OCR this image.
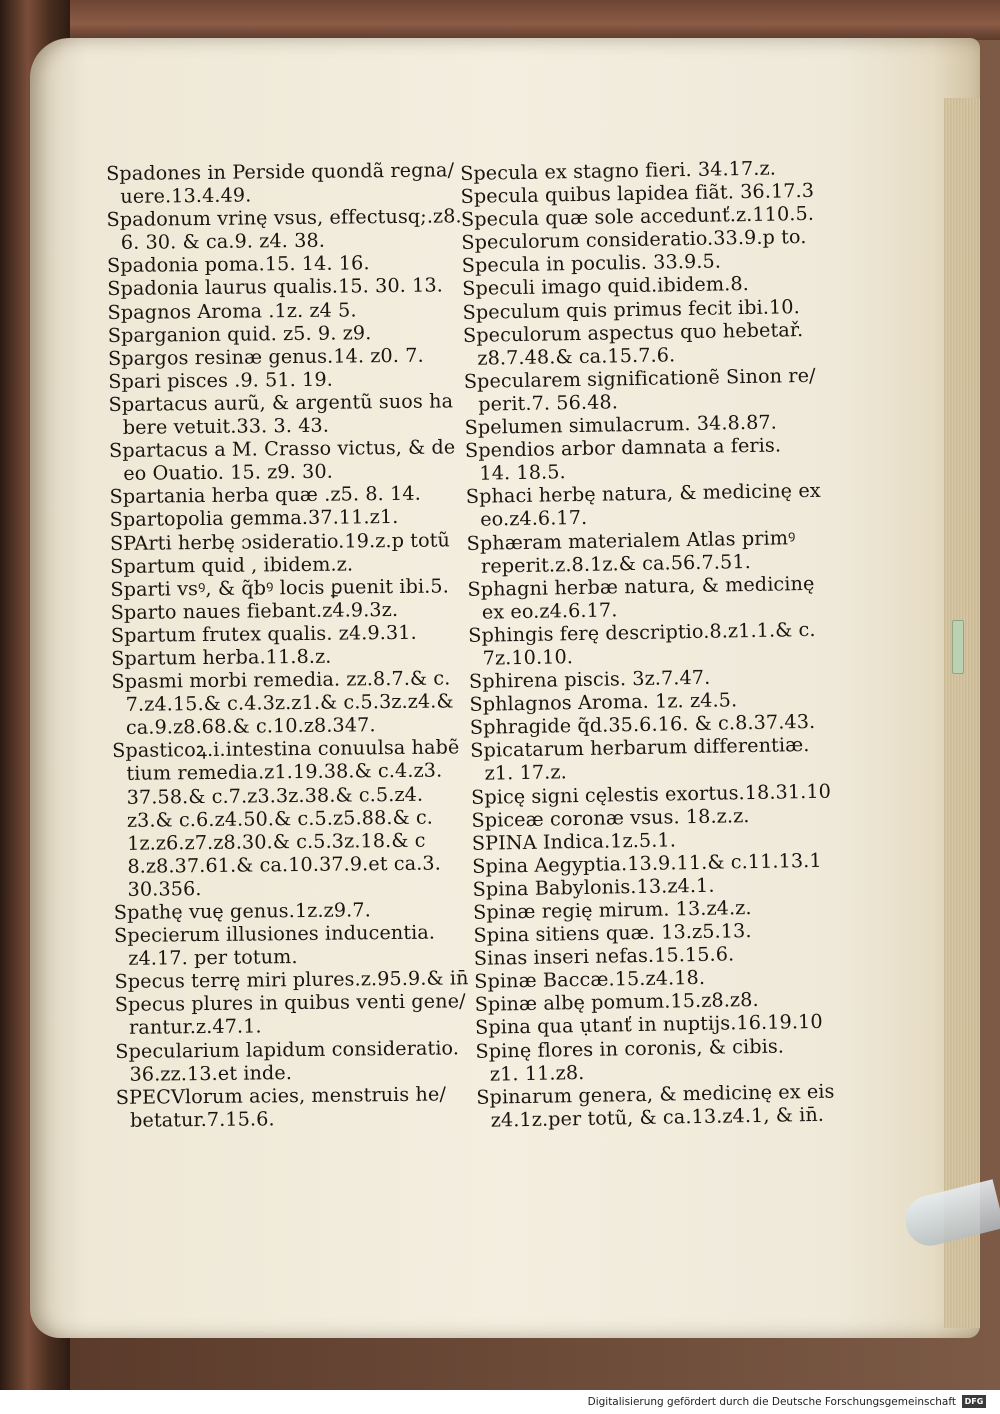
Spadones in Perside quondã regna/
uere.13.4.49.
Spadonum vrinę vsus, effectusq;.z8.
6. 30. & ca.9. z4. 38.
Spadonia poma.15. 14. 16.
Spadonia laurus qualis.15. 30. 13.
Spagnos Aroma .1z. z4 5.
Sparganion quid. z5. 9. z9.
Spargos resinæ genus.14. z0. 7.
Spari pisces .9. 51. 19.
Spartacus aurũ, & argentũ suos ha
bere vetuit.33. 3. 43.
Spartacus a M. Crasso victus, & de
eo Ouatio. 15. z9. 30.
Spartania herba quæ .z5. 8. 14.
Spartopolia gemma.37.11.z1.
SPArti herbę ɔsideratio.19.z.p totũ
Spartum quid , ibidem.z.
Sparti vsꝰ, & q̃bꝰ locis ꝑuenit ibi.5.
Sparto naues fiebant.z4.9.3z.
Spartum frutex qualis. z4.9.31.
Spartum herba.11.8.z.
Spasmi morbi remedia. zz.8.7.& c.
7.z4.15.& c.4.3z.z1.& c.5.3z.z4.&
ca.9.z8.68.& c.10.z8.347.
Spasticoꝝ.i.intestina conuulsa habẽ
tium remedia.z1.19.38.& c.4.z3.
37.58.& c.7.z3.3z.38.& c.5.z4.
z3.& c.6.z4.50.& c.5.z5.88.& c.
1z.z6.z7.z8.30.& c.5.3z.18.& c
8.z8.37.61.& ca.10.37.9.et ca.3.
30.356.
Spathę vuę genus.1z.z9.7.
Specierum illusiones inducentia.
z4.17. per totum.
Specus terrę miri plures.z.95.9.& in̄
Specus plures in quibus venti gene/
rantur.z.47.1.
Specularium lapidum consideratio.
36.zz.13.et inde.
SPECVlorum acies, menstruis he/
betatur.7.15.6.
Specula ex stagno fieri. 34.17.z.
Specula quibus lapidea fiãt. 36.17.3
Specula quæ sole accedunť.z.110.5.
Speculorum consideratio.33.9.p to.
Specula in poculis. 33.9.5.
Speculi imago quid.ibidem.8.
Speculum quis primus fecit ibi.10.
Speculorum aspectus quo hebetař.
z8.7.48.& ca.15.7.6.
Specularem significationẽ Sinon re/
perit.7. 56.48.
Spelumen simulacrum. 34.8.87.
Spendios arbor damnata a feris.
14. 18.5.
Sphaci herbę natura, & medicinę ex
eo.z4.6.17.
Sphæram materialem Atlas primꝰ
reperit.z.8.1z.& ca.56.7.51.
Sphagni herbæ natura, & medicinę
ex eo.z4.6.17.
Sphingis ferę descriptio.8.z1.1.& c.
7z.10.10.
Sphirena piscis. 3z.7.47.
Sphlagnos Aroma. 1z. z4.5.
Sphragide q̃d.35.6.16. & c.8.37.43.
Spicatarum herbarum differentiæ.
z1. 17.z.
Spicę signi cęlestis exortus.18.31.10
Spiceæ coronæ vsus. 18.z.z.
SPINA Indica.1z.5.1.
Spina Aegyptia.13.9.11.& c.11.13.1
Spina Babylonis.13.z4.1.
Spinæ regię mirum. 13.z4.z.
Spina sitiens quæ. 13.z5.13.
Sinas inseri nefas.15.15.6.
Spinæ Baccæ.15.z4.18.
Spinæ albę pomum.15.z8.z8.
Spina qua ụtanť in nuptijs.16.19.10
Spinę flores in coronis, & cibis.
z1. 11.z8.
Spinarum genera, & medicinę ex eis
z4.1z.per totũ, & ca.13.z4.1, & in̄.
Digitalisierung gefördert durch die Deutsche Forschungsgemeinschaft	DFG
